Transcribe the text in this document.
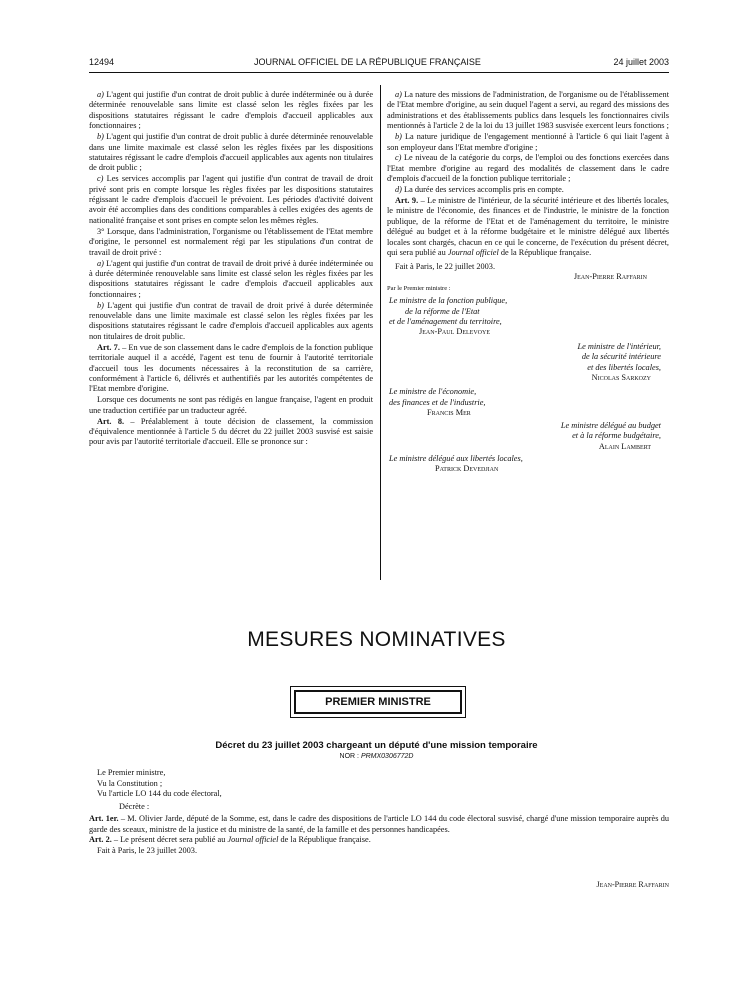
12494	JOURNAL OFFICIEL DE LA RÉPUBLIQUE FRANÇAISE	24 juillet 2003

a) L'agent qui justifie d'un contrat de droit public à durée indéterminée ou à durée déterminée renouvelable sans limite est classé selon les règles fixées par les dispositions statutaires régissant le cadre d'emplois d'accueil applicables aux fonctionnaires ;

b) L'agent qui justifie d'un contrat de droit public à durée déterminée renouvelable dans une limite maximale est classé selon les règles fixées par les dispositions statutaires régissant le cadre d'emplois d'accueil applicables aux agents non titulaires de droit public ;

c) Les services accomplis par l'agent qui justifie d'un contrat de travail de droit privé sont pris en compte lorsque les règles fixées par les dispositions statutaires régissant le cadre d'emplois d'accueil le prévoient. Les périodes d'activité doivent avoir été accomplies dans des conditions comparables à celles exigées des agents de nationalité française et sont prises en compte selon les mêmes règles.

3° Lorsque, dans l'administration, l'organisme ou l'établissement de l'Etat membre d'origine, le personnel est normalement régi par les stipulations d'un contrat de travail de droit privé :

a) L'agent qui justifie d'un contrat de travail de droit privé à durée indéterminée ou à durée déterminée renouvelable sans limite est classé selon les règles fixées par les dispositions statutaires régissant le cadre d'emplois d'accueil applicables aux fonctionnaires ;

b) L'agent qui justifie d'un contrat de travail de droit privé à durée déterminée renouvelable dans une limite maximale est classé selon les règles fixées par les dispositions statutaires régissant le cadre d'emplois d'accueil applicables aux agents non titulaires de droit public.

Art. 7. – En vue de son classement dans le cadre d'emplois de la fonction publique territoriale auquel il a accédé, l'agent est tenu de fournir à l'autorité territoriale d'accueil tous les documents nécessaires à la reconstitution de sa carrière, conformément à l'article 6, délivrés et authentifiés par les autorités compétentes de l'Etat membre d'origine.

Lorsque ces documents ne sont pas rédigés en langue française, l'agent en produit une traduction certifiée par un traducteur agréé.

Art. 8. – Préalablement à toute décision de classement, la commission d'équivalence mentionnée à l'article 5 du décret du 22 juillet 2003 susvisé est saisie pour avis par l'autorité territoriale d'accueil. Elle se prononce sur :

a) La nature des missions de l'administration, de l'organisme ou de l'établissement de l'Etat membre d'origine, au sein duquel l'agent a servi, au regard des missions des administrations et des établissements publics dans lesquels les fonctionnaires civils mentionnés à l'article 2 de la loi du 13 juillet 1983 susvisée exercent leurs fonctions ;

b) La nature juridique de l'engagement mentionné à l'article 6 qui liait l'agent à son employeur dans l'Etat membre d'origine ;

c) Le niveau de la catégorie du corps, de l'emploi ou des fonctions exercées dans l'Etat membre d'origine au regard des modalités de classement dans le cadre d'emplois d'accueil de la fonction publique territoriale ;

d) La durée des services accomplis pris en compte.

Art. 9. – Le ministre de l'intérieur, de la sécurité intérieure et des libertés locales, le ministre de l'économie, des finances et de l'industrie, le ministre de la fonction publique, de la réforme de l'Etat et de l'aménagement du territoire, le ministre délégué au budget et à la réforme budgétaire et le ministre délégué aux libertés locales sont chargés, chacun en ce qui le concerne, de l'exécution du présent décret, qui sera publié au Journal officiel de la République française.

Fait à Paris, le 22 juillet 2003.

Jean-Pierre Raffarin

Par le Premier ministre :

Le ministre de la fonction publique,
de la réforme de l'Etat
et de l'aménagement du territoire,
Jean-Paul Delevoye
Le ministre de l'intérieur,
de la sécurité intérieure
et des libertés locales,
Nicolas Sarkozy
Le ministre de l'économie,
des finances et de l'industrie,
Francis Mer
Le ministre délégué au budget
et à la réforme budgétaire,
Alain Lambert
Le ministre délégué aux libertés locales,
Patrick Devedjian
MESURES NOMINATIVES
PREMIER MINISTRE
Décret du 23 juillet 2003 chargeant un député d'une mission temporaire
NOR : PRMX0306772D

Le Premier ministre,

Vu la Constitution ;

Vu l'article LO 144 du code électoral,

Décrète :

Art. 1er. – M. Olivier Jarde, député de la Somme, est, dans le cadre des dispositions de l'article LO 144 du code électoral susvisé, chargé d'une mission temporaire auprès du garde des sceaux, ministre de la justice et du ministre de la santé, de la famille et des personnes handicapées.

Art. 2. – Le présent décret sera publié au Journal officiel de la République française.

Fait à Paris, le 23 juillet 2003.

Jean-Pierre Raffarin
